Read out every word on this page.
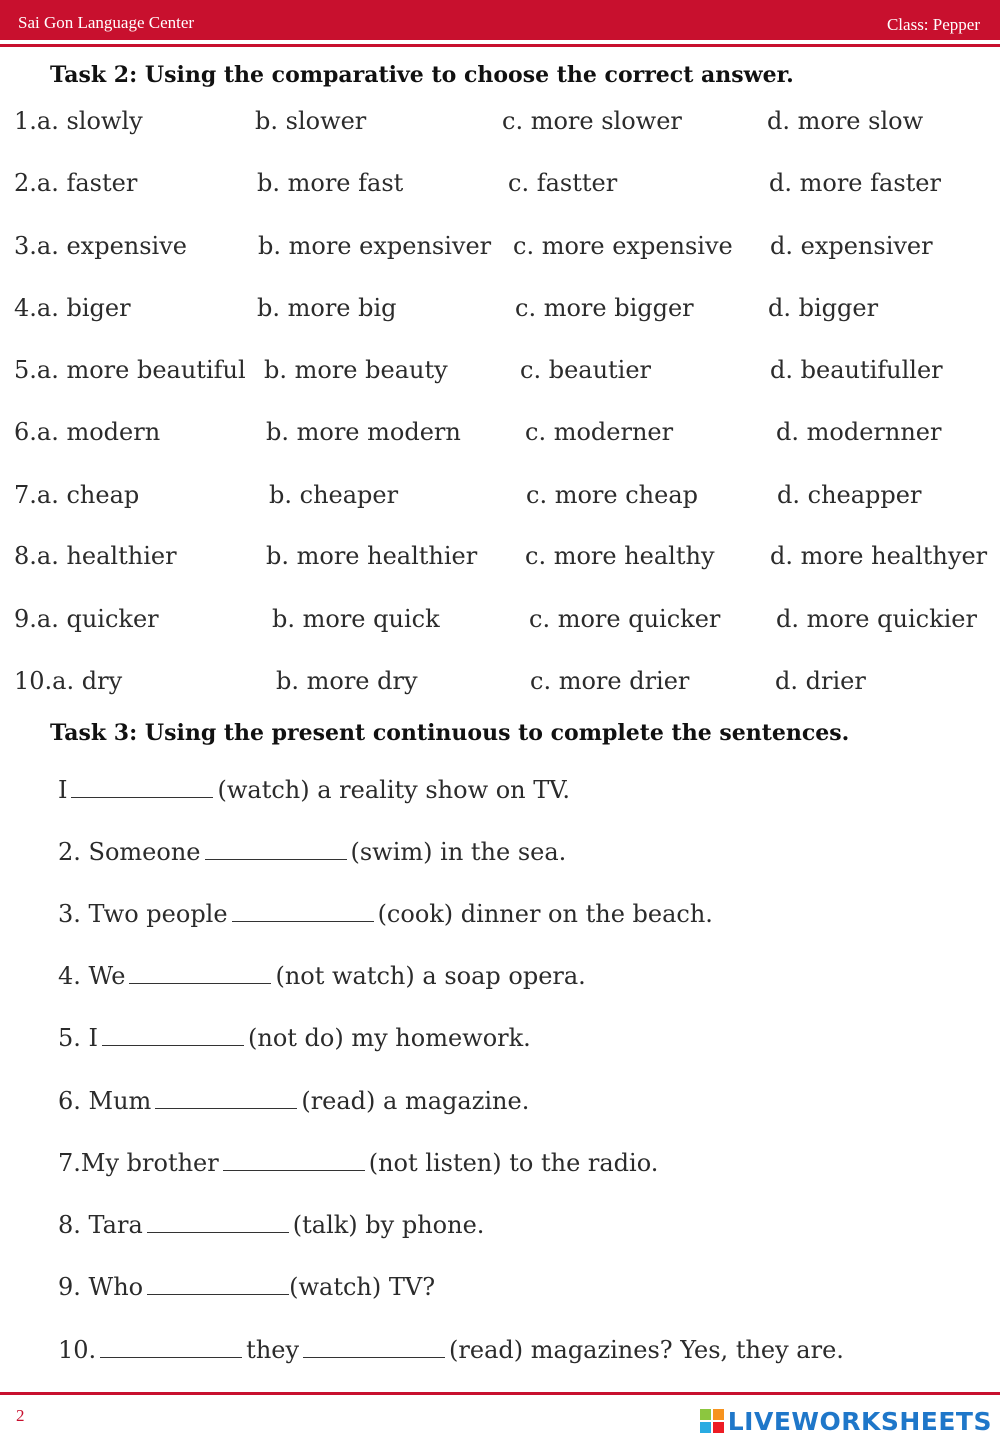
Sai Gon Language Center	Class: Pepper
Task 2: Using the comparative to choose the correct answer.
1.a. slowly	b. slower	c. more slower	d. more slow
2.a. faster	b. more fast	c. fastter	d. more faster
3.a. expensive	b. more expensiver c. more expensive d. expensiver
4.a. biger	b. more big	c. more bigger	d. bigger
5.a. more beautiful b. more beauty	c. beautier	d. beautifuller
6.a. modern	b. more modern	c. moderner	d. modernner
7.a. cheap	b. cheaper	c. more cheap	d. cheapper
8.a. healthier	b. more healthier c. more healthy d. more healthyer
9.a. quicker	b. more quick	c. more quicker d. more quickier
10.a. dry	b. more dry	c. more drier	d. drier
Task 3: Using the present continuous to complete the sentences.
I	(watch) a reality show on TV.
2. Someone	(swim) in the sea.
3. Two people	(cook) dinner on the beach.
4. We	(not watch) a soap opera.
5. I	(not do) my homework.
6. Mum	(read) a magazine.
7.My brother	(not listen) to the radio.
8. Tara	(talk) by phone.
9. Who	(watch) TV?
10.	they	(read) magazines? Yes, they are.
2	LIVEWORKSHEETS
